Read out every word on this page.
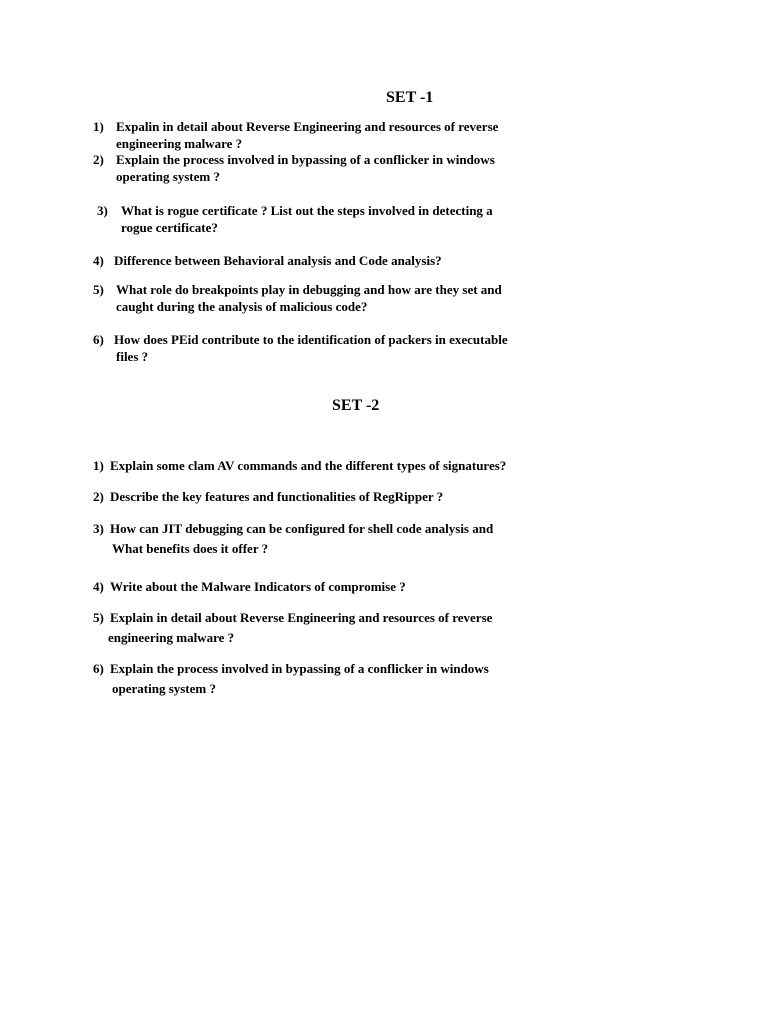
SET -1
1) Expalin in detail about Reverse Engineering and resources of reverse
engineering malware ?
2) Explain the process involved in bypassing of a conflicker in windows
operating system ?
3) What is rogue certificate ? List out the steps involved in detecting a
rogue certificate?
4) Difference between Behavioral analysis and Code analysis?
5) What role do breakpoints play in debugging and how are they set and
caught during the analysis of malicious code?
6) How does PEid contribute to the identification of packers in executable
files ?
SET -2
1) Explain some clam AV commands and the different types of signatures?
2) Describe the key features and functionalities of RegRipper ?
3) How can JIT debugging can be configured for shell code analysis and
What benefits does it offer ?
4) Write about the Malware Indicators of compromise ?
5) Explain in detail about Reverse Engineering and resources of reverse
engineering malware ?
6) Explain the process involved in bypassing of a conflicker in windows
operating system ?
